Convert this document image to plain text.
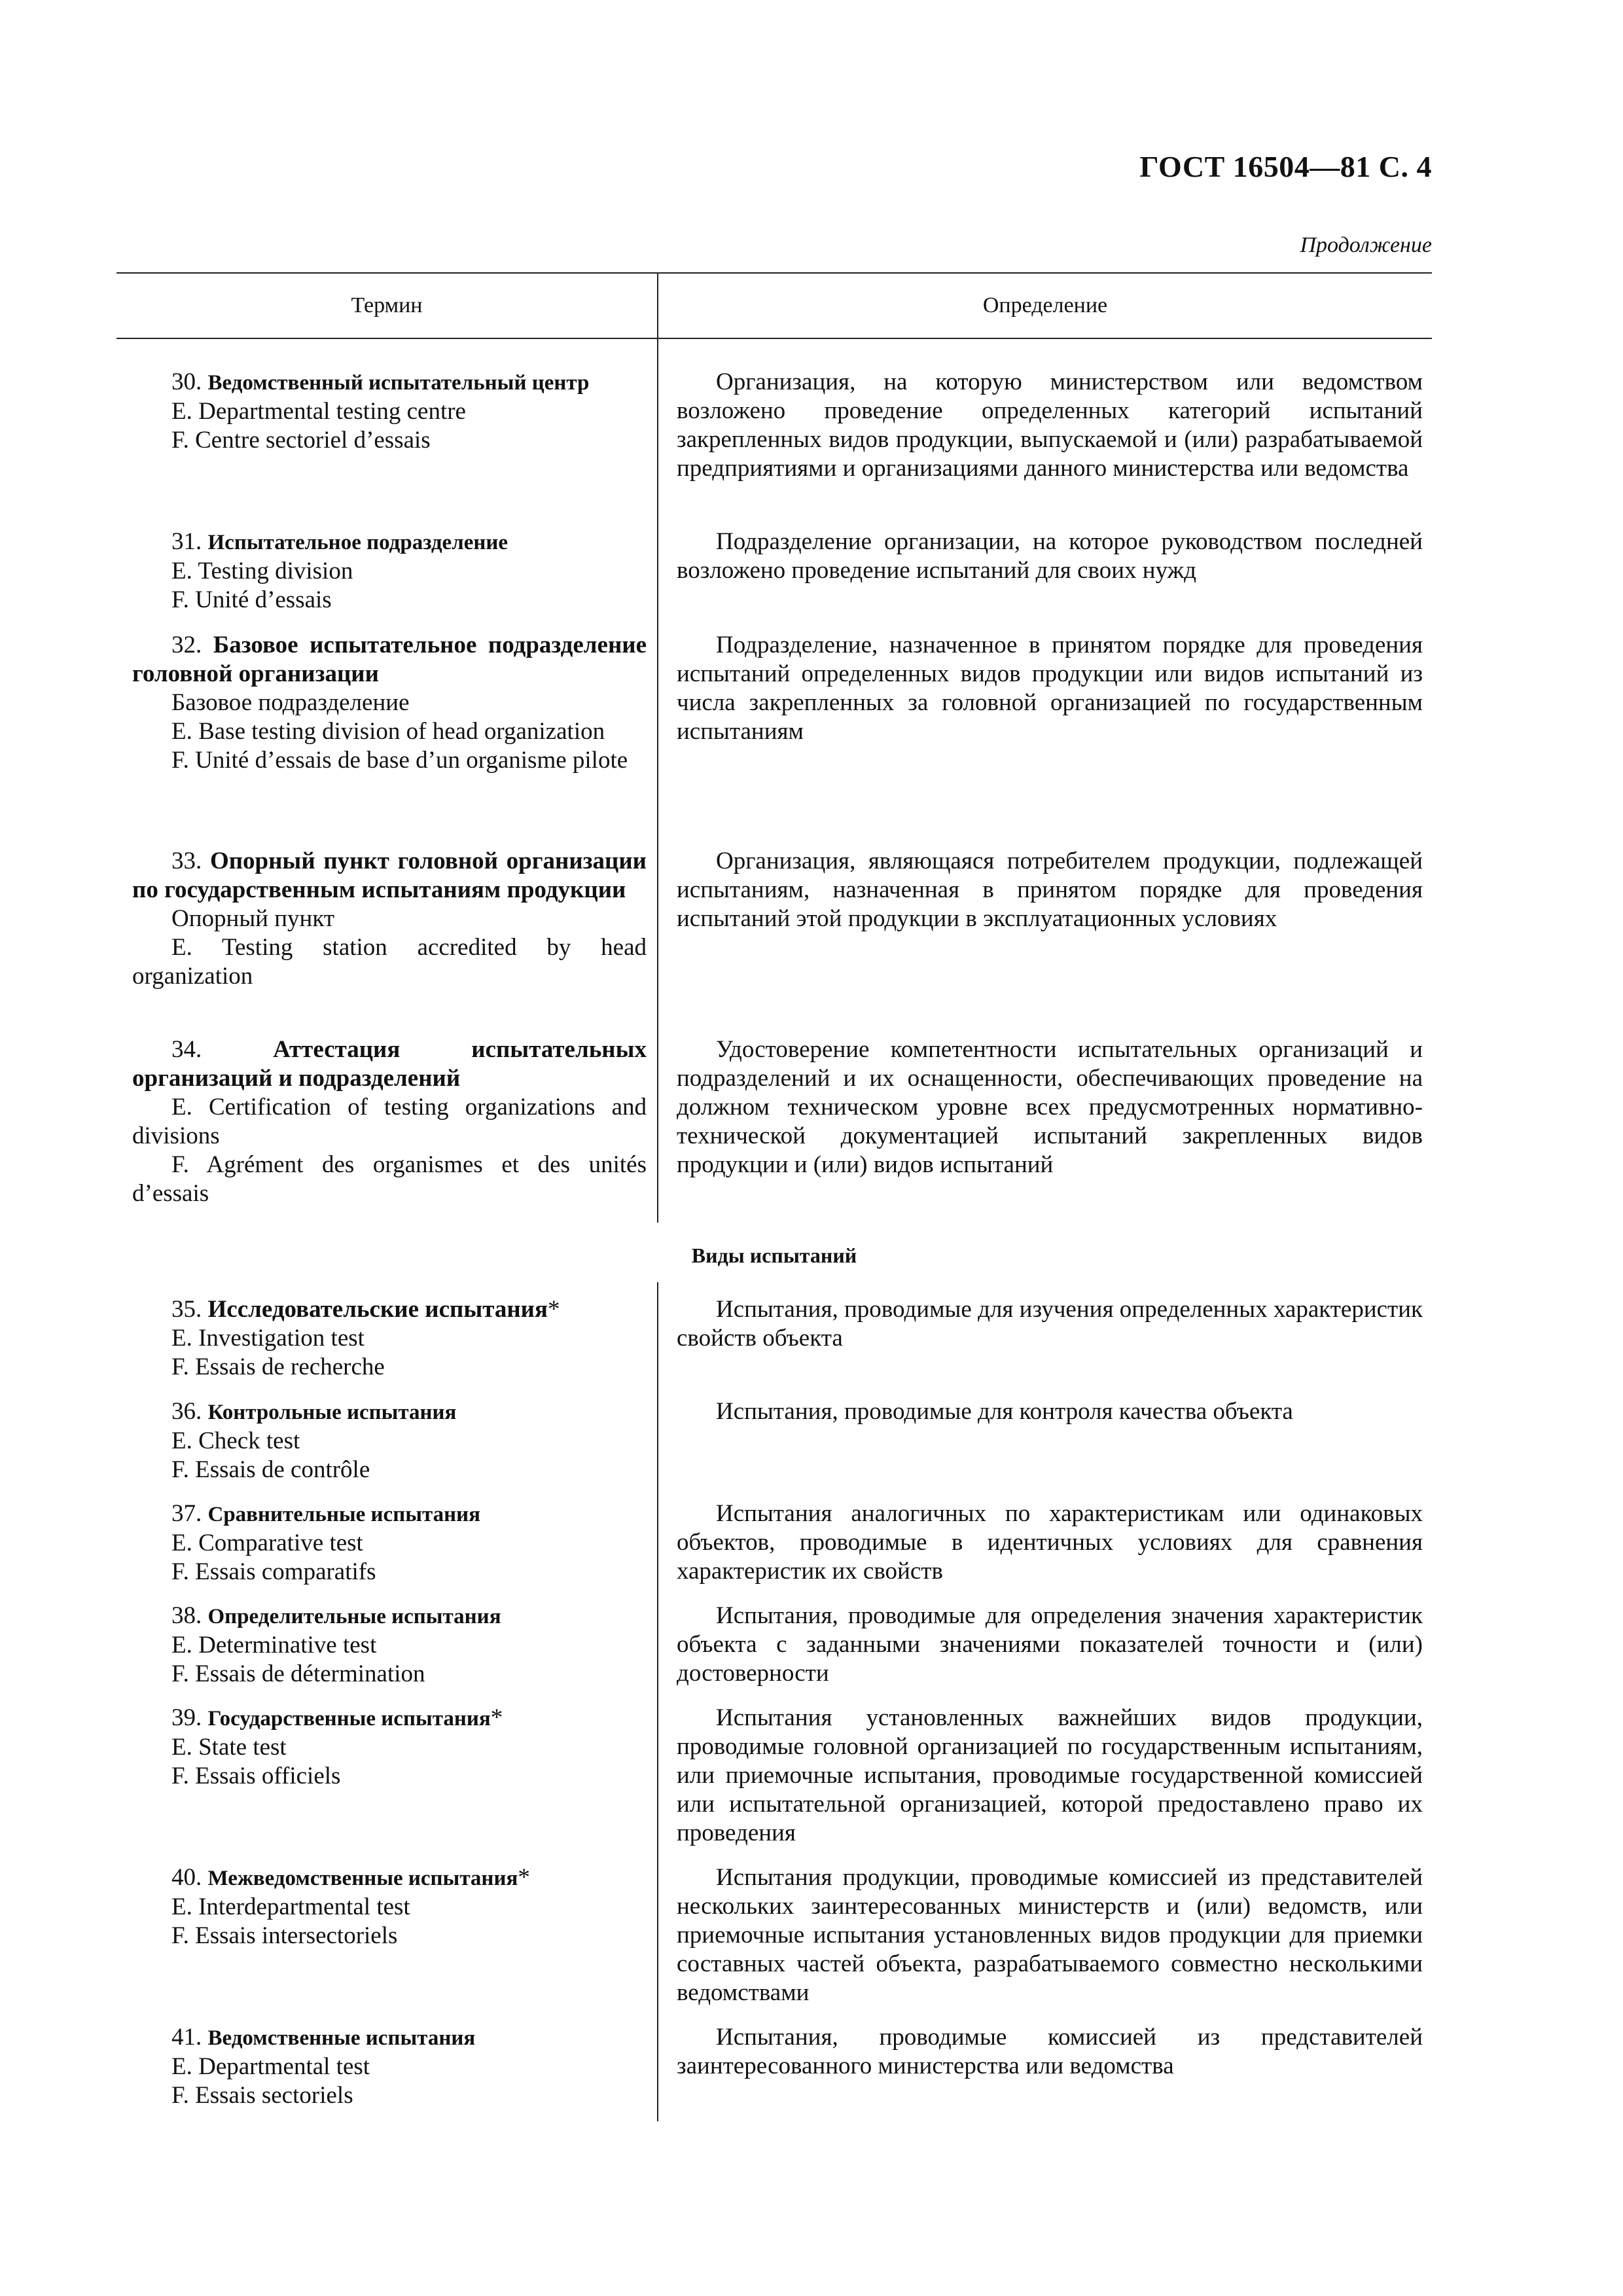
ГОСТ 16504—81 С. 4
Продолжение
Термин	Определение
30. Ведомственный испытательный центр
E. Departmental testing centre
F. Centre sectoriel d’essais
31. Испытательное подразделение
E. Testing division
F. Unité d’essais
32. Базовое испытательное подразделение головной организации
Базовое подразделение
E. Base testing division of head organization
F. Unité d’essais de base d’un organisme pilote
33. Опорный пункт головной организации по государственным испытаниям продукции
Опорный пункт
E. Testing station accredited by head organization
34.	Аттестация испытательных организаций и подразделений
E. Certification of testing organizations and divisions
F. Agrément des organismes et des unités d’essais
Организация, на которую министерством или ведомством возложено проведение определенных категорий испытаний закрепленных видов продукции, выпускаемой и (или) разрабатываемой предприятиями и организациями данного министерства или ведомства
Подразделение организации, на которое руководством последней возложено проведение испытаний для своих нужд
Подразделение, назначенное в принятом порядке для проведения испытаний определенных видов продукции или видов испытаний из числа закрепленных за головной организацией по государственным испытаниям
Организация, являющаяся потребителем продукции, подлежащей испытаниям, назначенная в принятом порядке для проведения испытаний этой продукции в эксплуатационных условиях
Удостоверение компетентности испытательных организаций и подразделений и их оснащенности, обеспечивающих проведение на должном техническом уровне всех предусмотренных нормативно-технической документацией испытаний закрепленных видов продукции и (или) видов испытаний
Виды испытаний
35. Исследовательские испытания*
E. Investigation test
F. Essais de recherche
36. Контрольные испытания
E. Check test
F. Essais de contrôle
37. Сравнительные испытания
E. Comparative test
F. Essais comparatifs
38. Определительные испытания
E. Determinative test
F. Essais de détermination
39. Государственные испытания*
E. State test
F. Essais officiels
40. Межведомственные испытания*
E. Interdepartmental test
F. Essais intersectoriels
41. Ведомственные испытания
E. Departmental test
F. Essais sectoriels
Испытания, проводимые для изучения определенных характеристик свойств объекта
Испытания, проводимые для контроля качества объекта
Испытания аналогичных по характеристикам или одинаковых объектов, проводимые в идентичных условиях для сравнения характеристик их свойств
Испытания, проводимые для определения значения характеристик объекта с заданными значениями показателей точности и (или) достоверности
Испытания установленных важнейших видов продукции, проводимые головной организацией по государственным испытаниям, или приемочные испытания, проводимые государственной комиссией или испытательной организацией, которой предоставлено право их проведения
Испытания продукции, проводимые комиссией из представителей нескольких заинтересованных министерств и (или) ведомств, или приемочные испытания установленных видов продукции для приемки составных частей объекта, разрабатываемого совместно несколькими ведомствами
Испытания, проводимые комиссией из представителей заинтересованного министерства или ведомства
